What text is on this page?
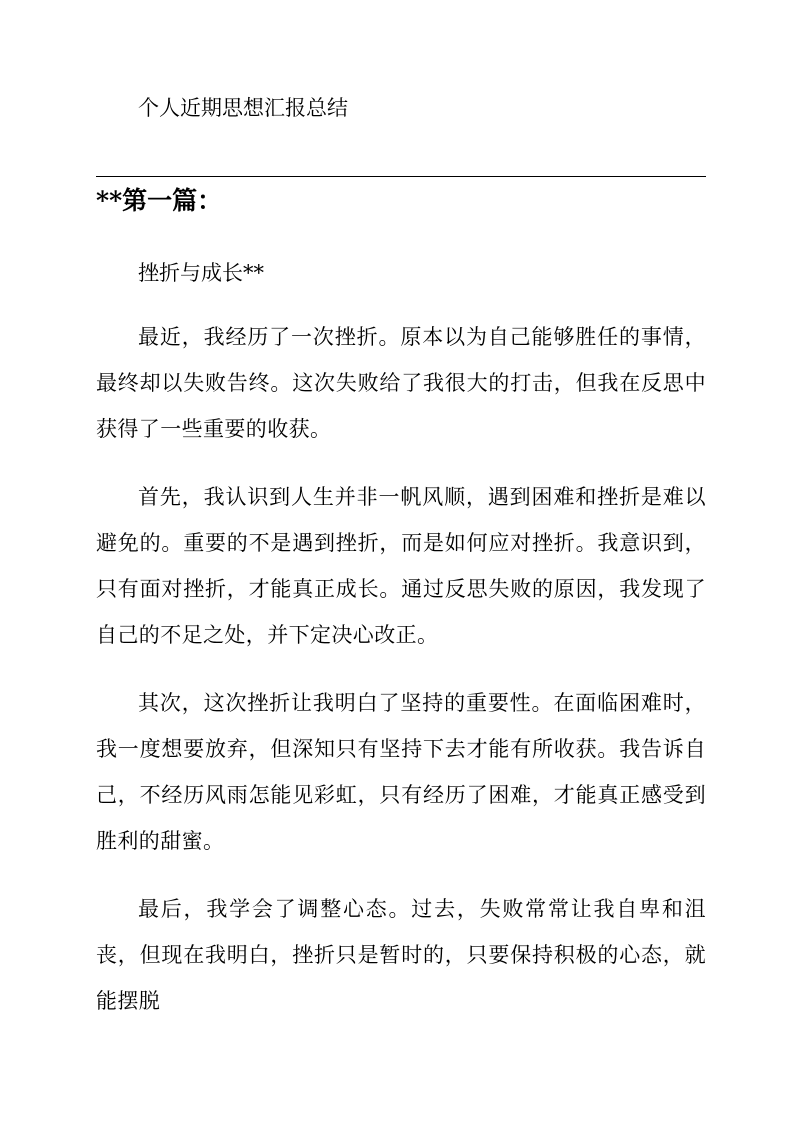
个人近期思想汇报总结
**第一篇：
挫折与成长**

最近，我经历了一次挫折。原本以为自己能够胜任的事情，最终却以失败告终。这次失败给了我很大的打击，但我在反思中获得了一些重要的收获。

首先，我认识到人生并非一帆风顺，遇到困难和挫折是难以避免的。重要的不是遇到挫折，而是如何应对挫折。我意识到，只有面对挫折，才能真正成长。通过反思失败的原因，我发现了自己的不足之处，并下定决心改正。

其次，这次挫折让我明白了坚持的重要性。在面临困难时，我一度想要放弃，但深知只有坚持下去才能有所收获。我告诉自己，不经历风雨怎能见彩虹，只有经历了困难，才能真正感受到胜利的甜蜜。

最后，我学会了调整心态。过去，失败常常让我自卑和沮丧，但现在我明白，挫折只是暂时的，只要保持积极的心态，就能摆脱
